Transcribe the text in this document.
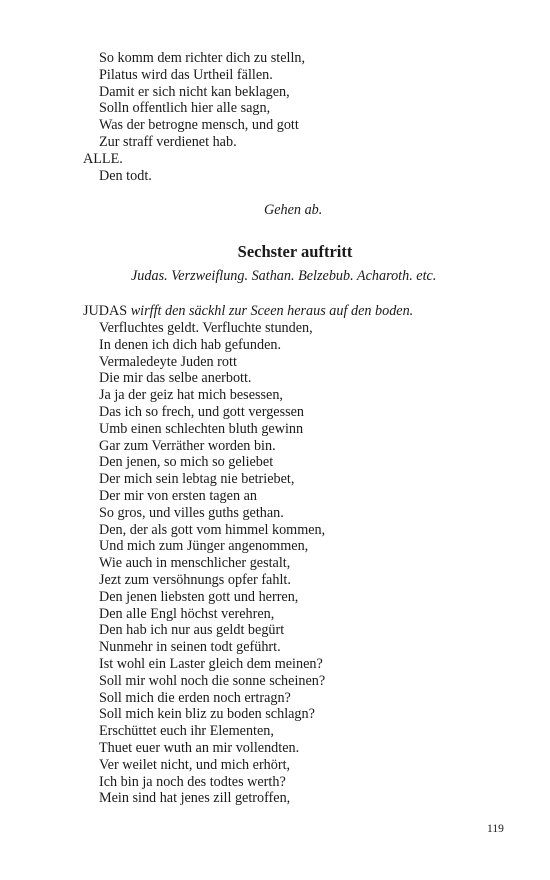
So komm dem richter dich zu stelln,
Pilatus wird das Urtheil fällen.
Damit er sich nicht kan beklagen,
Solln offentlich hier alle sagn,
Was der betrogne mensch, und gott
Zur straff verdienet hab.
ALLE.
Den todt.
Gehen ab.
Sechster auftritt
Judas. Verzweiflung. Sathan. Belzebub. Acharoth. etc.
JUDAS wirfft den säckhl zur Sceen heraus auf den boden.
Verfluchtes geldt. Verfluchte stunden,
In denen ich dich hab gefunden.
Vermaledeyte Juden rott
Die mir das selbe anerbott.
Ja ja der geiz hat mich besessen,
Das ich so frech, und gott vergessen
Umb einen schlechten bluth gewinn
Gar zum Verräther worden bin.
Den jenen, so mich so geliebet
Der mich sein lebtag nie betriebet,
Der mir von ersten tagen an
So gros, und villes guths gethan.
Den, der als gott vom himmel kommen,
Und mich zum Jünger angenommen,
Wie auch in menschlicher gestalt,
Jezt zum versöhnungs opfer fahlt.
Den jenen liebsten gott und herren,
Den alle Engl höchst verehren,
Den hab ich nur aus geldt begürt
Nunmehr in seinen todt geführt.
Ist wohl ein Laster gleich dem meinen?
Soll mir wohl noch die sonne scheinen?
Soll mich die erden noch ertragn?
Soll mich kein bliz zu boden schlagn?
Erschüttet euch ihr Elementen,
Thuet euer wuth an mir vollendten.
Ver weilet nicht, und mich erhört,
Ich bin ja noch des todtes werth?
Mein sind hat jenes zill getroffen,
119
